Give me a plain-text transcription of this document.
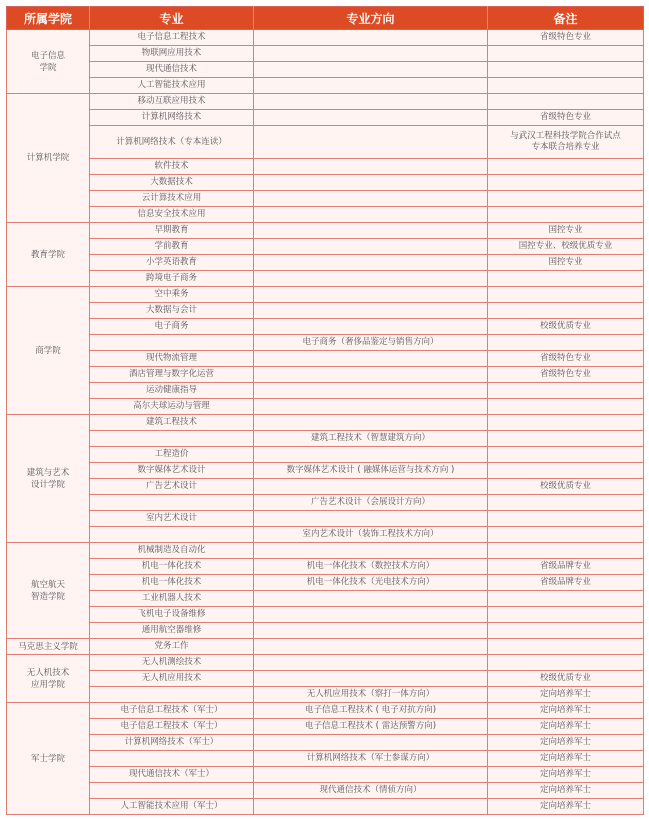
所属学院	专业	专业方向	备注
电子信息
学院	电子信息工程技术		省级特色专业
	物联网应用技术		
	现代通信技术		
	人工智能技术应用		
计算机学院	移动互联应用技术		
	计算机网络技术		省级特色专业
	计算机网络技术（专本连读）		与武汉工程科技学院合作试点
专本联合培养专业
	软件技术		
	大数据技术		
	云计算技术应用		
	信息安全技术应用		
教育学院	早期教育		国控专业
	学前教育		国控专业、校级优质专业
	小学英语教育		国控专业
	跨境电子商务		
商学院	空中乘务		
	大数据与会计		
	电子商务		校级优质专业
		电子商务（奢侈品鉴定与销售方向）	
	现代物流管理		省级特色专业
	酒店管理与数字化运营		省级特色专业
	运动健康指导		
	高尔夫球运动与管理		
建筑与艺术
设计学院	建筑工程技术		
		建筑工程技术（智慧建筑方向）	
	工程造价		
	数字媒体艺术设计	数字媒体艺术设计 ( 融媒体运营与技术方向 )	
	广告艺术设计		校级优质专业
		广告艺术设计（会展设计方向）	
	室内艺术设计		
		室内艺术设计（装饰工程技术方向）	
航空航天
智造学院	机械制造及自动化		
	机电一体化技术	机电一体化技术（数控技术方向）	省级品牌专业
	机电一体化技术	机电一体化技术（光电技术方向）	省级品牌专业
	工业机器人技术		
	飞机电子设备维修		
	通用航空器维修		
马克思主义学院	党务工作		
无人机技术
应用学院	无人机测绘技术		
	无人机应用技术		校级优质专业
		无人机应用技术（察打一体方向）	定向培养军士
军士学院	电子信息工程技术（军士）	电子信息工程技术 ( 电子对抗方向)	定向培养军士
	电子信息工程技术（军士）	电子信息工程技术 ( 雷达预警方向)	定向培养军士
	计算机网络技术（军士）		定向培养军士
		计算机网络技术（军士参谋方向）	定向培养军士
	现代通信技术（军士）		定向培养军士
		现代通信技术（情侦方向）	定向培养军士
	人工智能技术应用（军士）		定向培养军士
